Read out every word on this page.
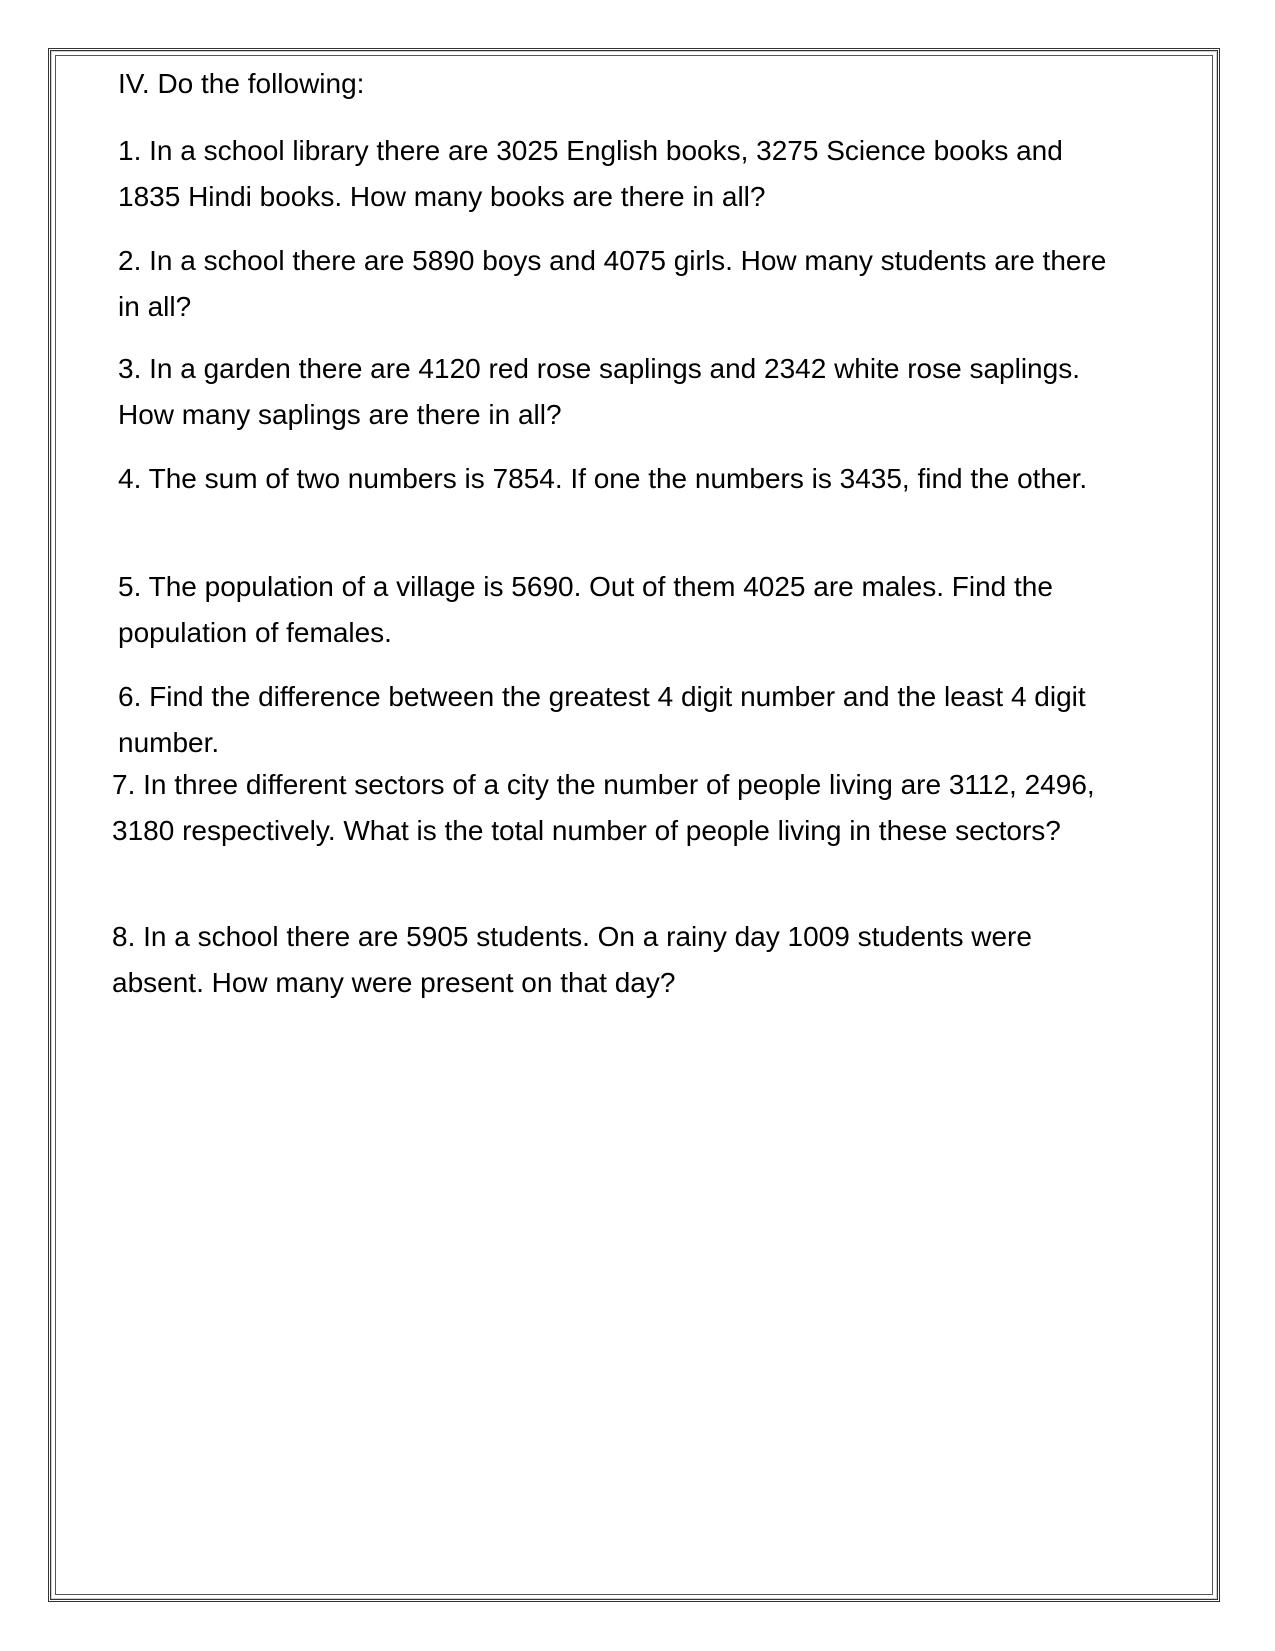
IV. Do the following:

1. In a school library there are 3025 English books, 3275 Science books and 1835 Hindi books. How many books are there in all?

2. In a school there are 5890 boys and 4075 girls. How many students are there in all?

3. In a garden there are 4120 red rose saplings and 2342 white rose saplings. How many saplings are there in all?

4. The sum of two numbers is 7854. If one the numbers is 3435, find the other.

5. The population of a village is 5690. Out of them 4025 are males. Find the population of females.

6. Find the difference between the greatest 4 digit number and the least 4 digit number.

7. In three different sectors of a city the number of people living are 3112, 2496, 3180 respectively. What is the total number of people living in these sectors?

8. In a school there are 5905 students. On a rainy day 1009 students were absent. How many were present on that day?
